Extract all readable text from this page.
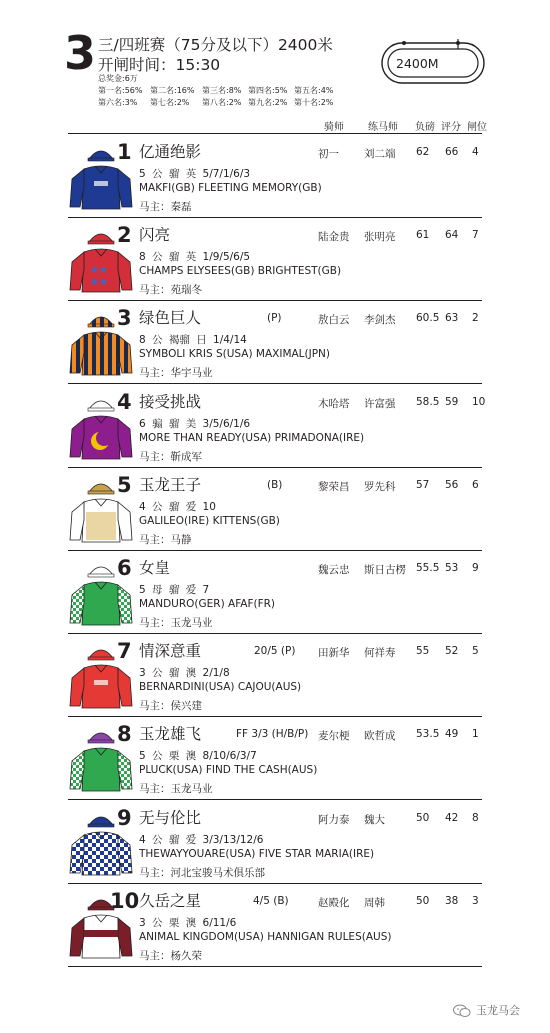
3 三/四班赛（75分及以下）2400米
开闸时间：15:30
总奖金:6万
第一名:56% 第二名:16% 第三名:8% 第四名:5% 第五名:4%
第六名:3% 第七名:2% 第八名:2% 第九名:2% 第十名:2%
2400M
骑师 练马师 负磅 评分 闸位
1 亿通绝影	初一 刘二端 62 66 4
5 公 骝 英 5/7/1/6/3
MAKFI(GB) FLEETING MEMORY(GB)
马主：秦磊
★★
★★
2 闪亮	陆金贵 张明亮 61 64 7
8 公 骝 英 1/9/5/6/5
CHAMPS ELYSEES(GB) BRIGHTEST(GB)
马主：苑瑞冬
3 绿色巨人	(P)	敖白云 李剑杰 60.5 63 2
8 公 褐骝 日 1/4/14
SYMBOLI KRIS S(USA) MAXIMAL(JPN)
马主：华宇马业
4 接受挑战	木哈塔 许富强 58.5 59 10
6 骟 骝 美 3/5/6/1/6
MORE THAN READY(USA) PRIMADONA(IRE)
马主：靳成军
5 玉龙王子	(B)	黎荣昌 罗先科 57 56 6
4 公 骝 爱 10
GALILEO(IRE) KITTENS(GB)
马主：马静
6 女皇	魏云忠 斯日古楞 55.5 53 9
5 母 骝 爱 7
MANDURO(GER) AFAF(FR)
马主：玉龙马业
7 情深意重	20/5 (P) 田新华 何祥寿 55 52 5
3 公 骝 澳 2/1/8
BERNARDINI(USA) CAJOU(AUS)
马主：侯兴建
8 玉龙雄飞	FF 3/3 (H/B/P) 麦尔梗 欧哲成 53.5 49 1
5 公 栗 澳 8/10/6/3/7
PLUCK(USA) FIND THE CASH(AUS)
马主：玉龙马业
9 无与伦比	阿力泰 魏大	50 42 8
4 公 骝 爱 3/3/13/12/6
THEWAYYOUARE(USA) FIVE STAR MARIA(IRE)
马主：河北宝骏马术俱乐部
10 久岳之星	4/5 (B)	赵殿化 周韩	50 38 3
3 公 栗 澳 6/11/6
ANIMAL KINGDOM(USA) HANNIGAN RULES(AUS)
马主：杨久荣
玉龙马会
